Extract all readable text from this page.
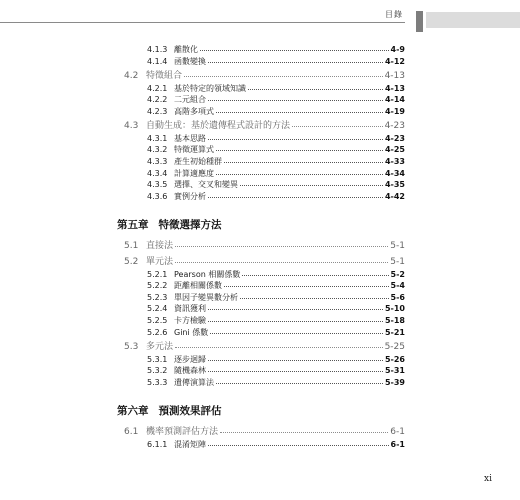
目錄
4.1.3 離散化	4-9
4.1.4 函數變換	4-12
4.2 特徵組合	4-13
4.2.1 基於特定的領域知識	4-13
4.2.2 二元組合	4-14
4.2.3 高階多項式	4-19
4.3 自動生成：基於遺傳程式設計的方法	4-23
4.3.1 基本思路	4-23
4.3.2 特徵運算式	4-25
4.3.3 產生初始種群	4-33
4.3.4 計算適應度	4-34
4.3.5 選擇、交叉和變異	4-35
4.3.6 實例分析	4-42
第五章 特徵選擇方法
5.1 直接法	5-1
5.2 單元法	5-1
5.2.1 Pearson 相關係數	5-2
5.2.2 距離相關係數	5-4
5.2.3 單因子變異數分析	5-6
5.2.4 資訊獲利	5-10
5.2.5 卡方檢驗	5-18
5.2.6 Gini 係數	5-21
5.3 多元法	5-25
5.3.1 逐步迴歸	5-26
5.3.2 隨機森林	5-31
5.3.3 遺傳演算法	5-39
第六章 預測效果評估
6.1 機率預測評估方法	6-1
6.1.1 混淆矩陣	6-1
xi
